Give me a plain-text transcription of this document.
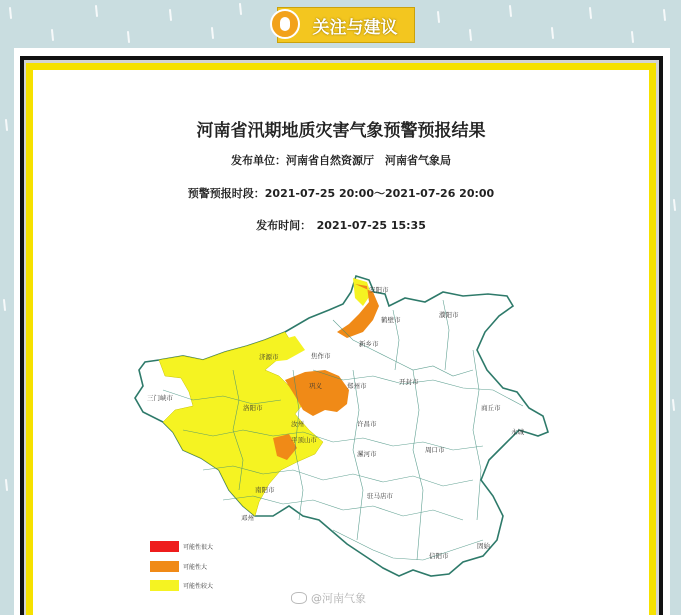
关注与建议
河南省汛期地质灾害气象预警预报结果
发布单位：河南省自然资源厅　河南省气象局
预警预报时段：2021-07-25 20:00～2021-07-26 20:00
发布时间：　2021-07-25 15:35
安阳市
鹤壁市
濮阳市
新乡市
焦作市
济源市
三门峡市
郑州市
巩义	开封市
洛阳市
汝州	许昌市
商丘市
永城
平顶山市
漯河市	周口市
南阳市
驻马店市
邓州
信阳市
固始
可能性很大
可能性大
可能性较大
@河南气象
